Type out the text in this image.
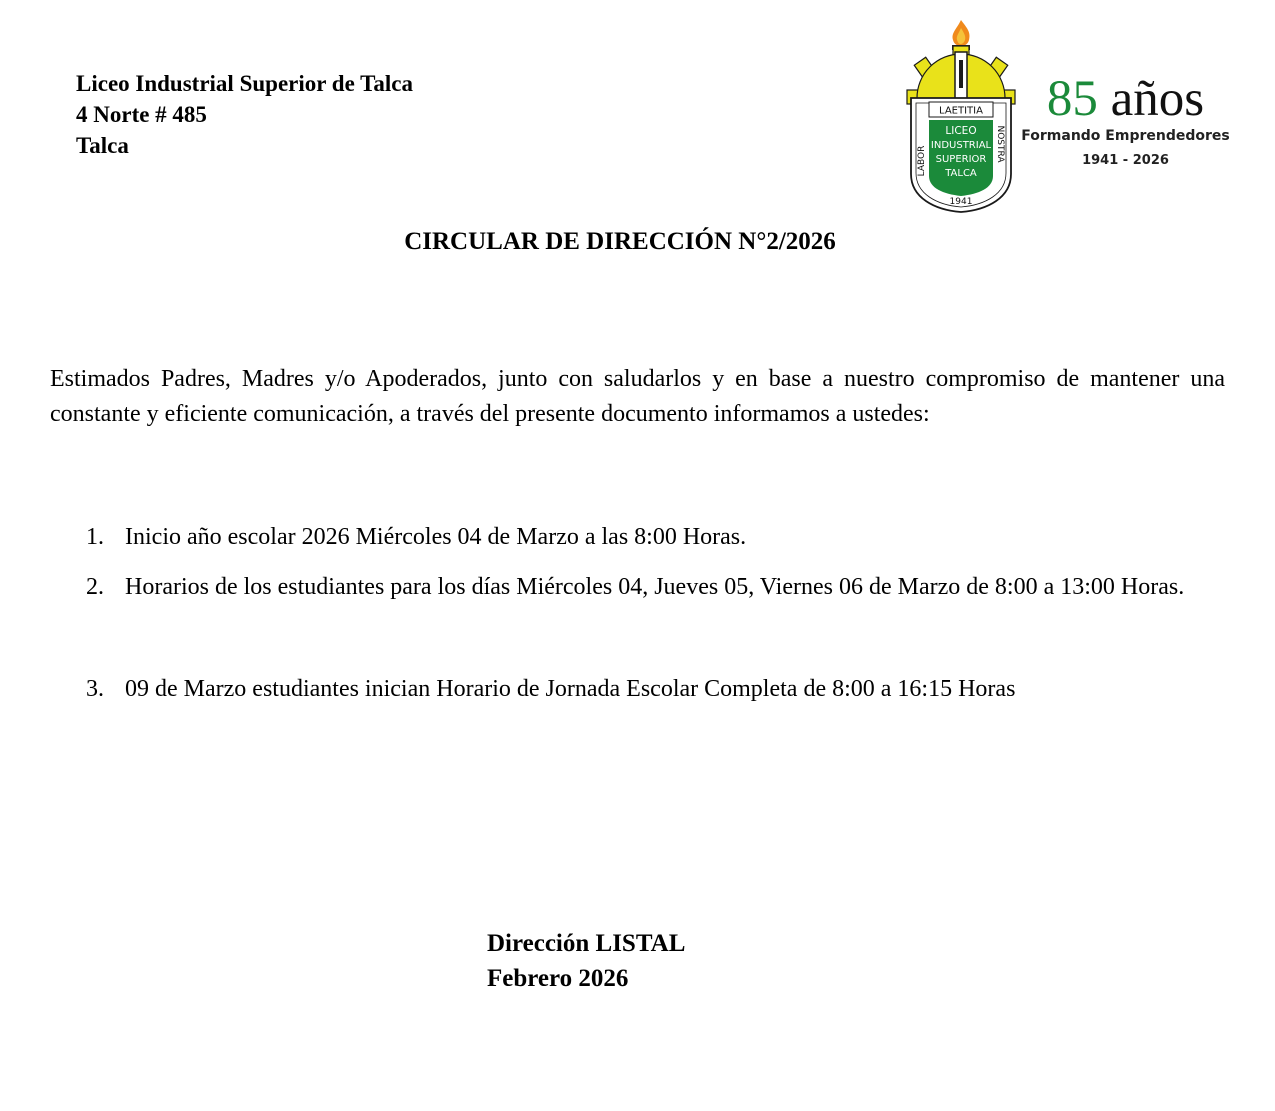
Liceo Industrial Superior de Talca
4 Norte # 485
Talca
LAETITIA
LICEO
INDUSTRIAL
SUPERIOR
TALCA
LABOR	NOSTRA
1941
85 años
Formando Emprendedores
1941 - 2026
CIRCULAR DE DIRECCIÓN N°2/2026
Estimados Padres, Madres y/o Apoderados, junto con saludarlos y en base a nuestro compromiso de mantener una constante y eficiente comunicación, a través del presente documento informamos a ustedes:
1. Inicio año escolar 2026 Miércoles 04 de Marzo a las 8:00 Horas.
2. Horarios de los estudiantes para los días Miércoles 04, Jueves 05, Viernes 06 de Marzo de 8:00 a 13:00 Horas.
3. 09 de Marzo estudiantes inician Horario de Jornada Escolar Completa de 8:00 a 16:15 Horas
Dirección LISTAL
Febrero 2026
